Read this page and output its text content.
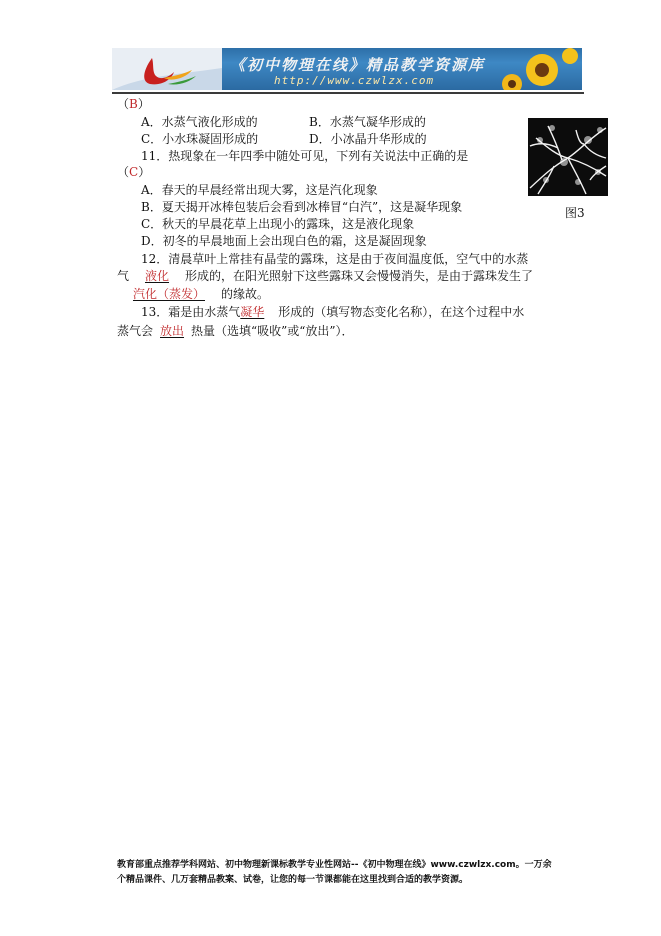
《初中物理在线》精品教学资源库
http://www.czwlzx.com
图3
（B）
A．水蒸气液化形成的	B．水蒸气凝华形成的
C．小水珠凝固形成的	D．小冰晶升华形成的
11．热现象在一年四季中随处可见，下列有关说法中正确的是
（C）
A．春天的早晨经常出现大雾，这是汽化现象
B．夏天揭开冰棒包装后会看到冰棒冒“白汽”，这是凝华现象
C．秋天的早晨花草上出现小的露珠，这是液化现象
D．初冬的早晨地面上会出现白色的霜，这是凝固现象
12．清晨草叶上常挂有晶莹的露珠，这是由于夜间温度低，空气中的水蒸
气 液化 形成的，在阳光照射下这些露珠又会慢慢消失，是由于露珠发生了
汽化（蒸发） 的缘故。
13．霜是由水蒸气凝华 形成的（填写物态变化名称），在这个过程中水
蒸气会 放出 热量（选填“吸收”或“放出”）．
教育部重点推荐学科网站、初中物理新课标教学专业性网站--《初中物理在线》www.czwlzx.com。一万余
个精品课件、几万套精品教案、试卷，让您的每一节课都能在这里找到合适的教学资源。
